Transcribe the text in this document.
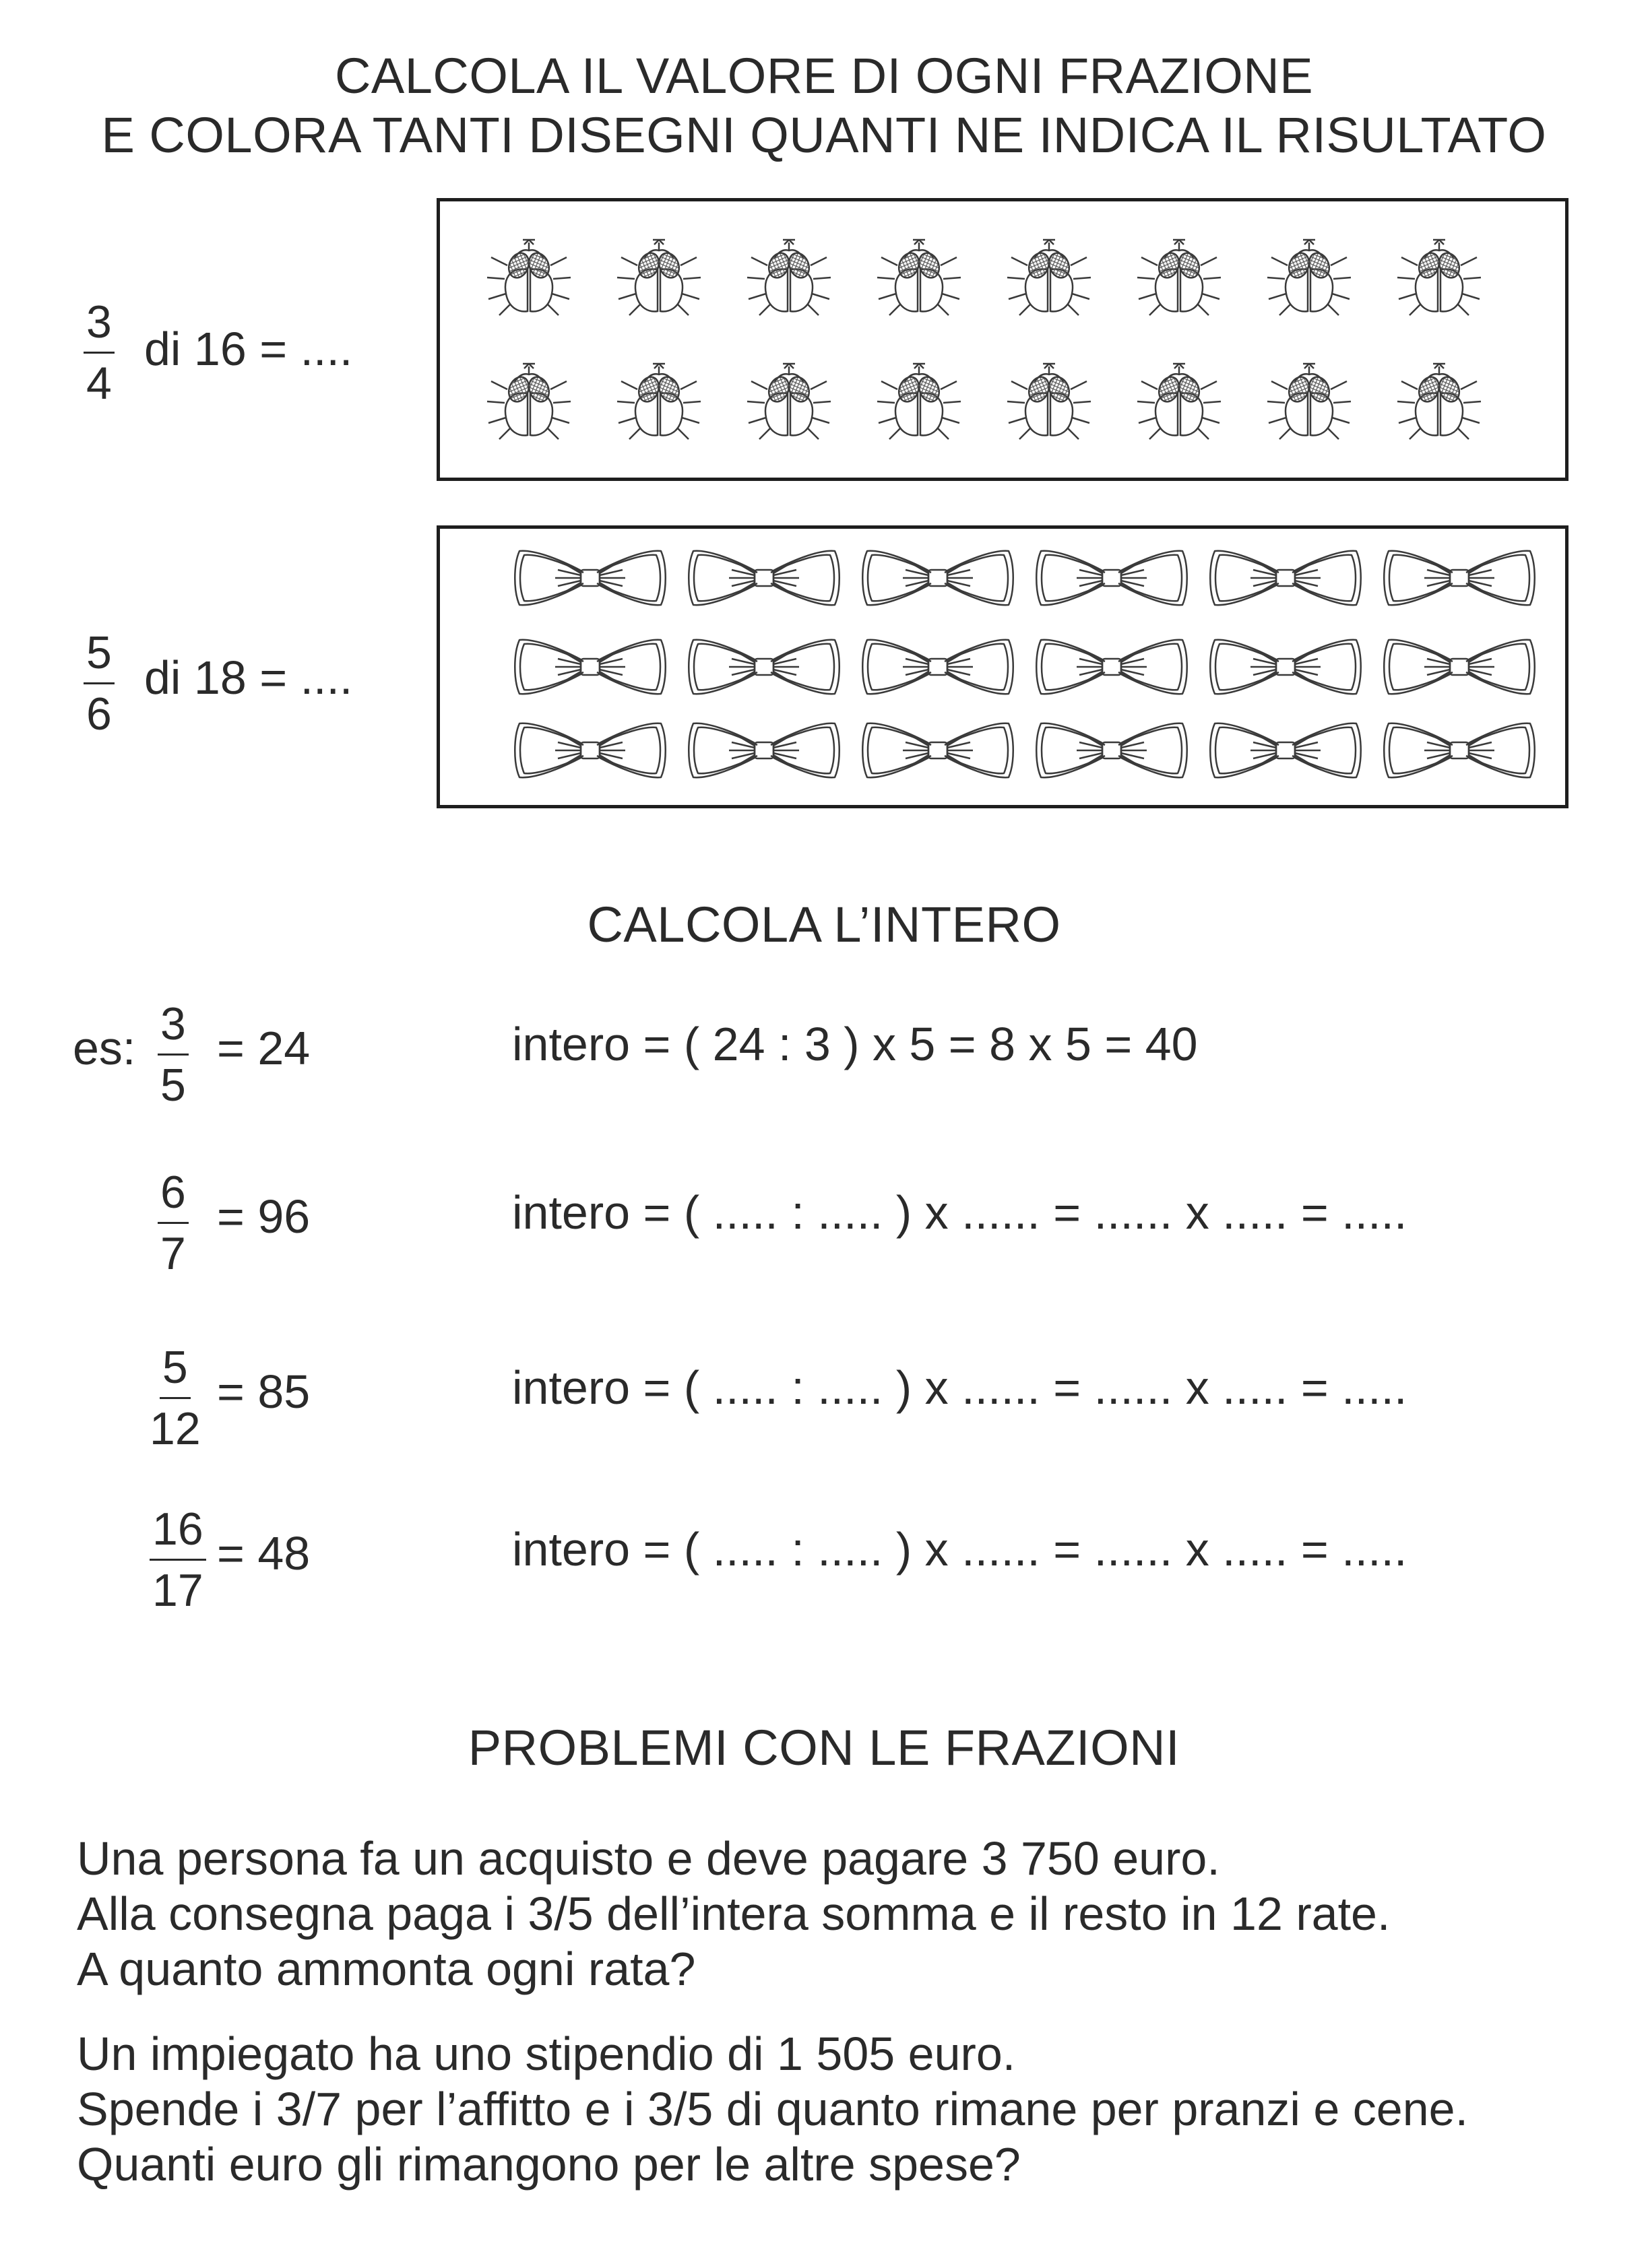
CALCOLA IL VALORE DI OGNI FRAZIONE
E COLORA TANTI DISEGNI QUANTI NE INDICA IL RISULTATO
$\frac{3}{4}$ di 16 = ....
$\frac{5}{6}$ di 18 = ....
CALCOLA L’INTERO
es: $\frac{3}{5} = 24$	intero = ( 24 : 3 ) x 5 = 8 x 5 = 40
$\frac{6}{7} = 96$	intero = ( ..... : ..... ) x ...... = ...... x ..... = .....
$\frac{5}{12} = 85$	intero = ( ..... : ..... ) x ...... = ...... x ..... = .....
$\frac{16}{17} = 48$	intero = ( ..... : ..... ) x ...... = ...... x ..... = .....
PROBLEMI CON LE FRAZIONI
Una persona fa un acquisto e deve pagare 3 750 euro.
Alla consegna paga i 3/5 dell’intera somma e il resto in 12 rate.
A quanto ammonta ogni rata?
Un impiegato ha uno stipendio di 1 505 euro.
Spende i 3/7 per l’affitto e i 3/5 di quanto rimane per pranzi e cene.
Quanti euro gli rimangono per le altre spese?
